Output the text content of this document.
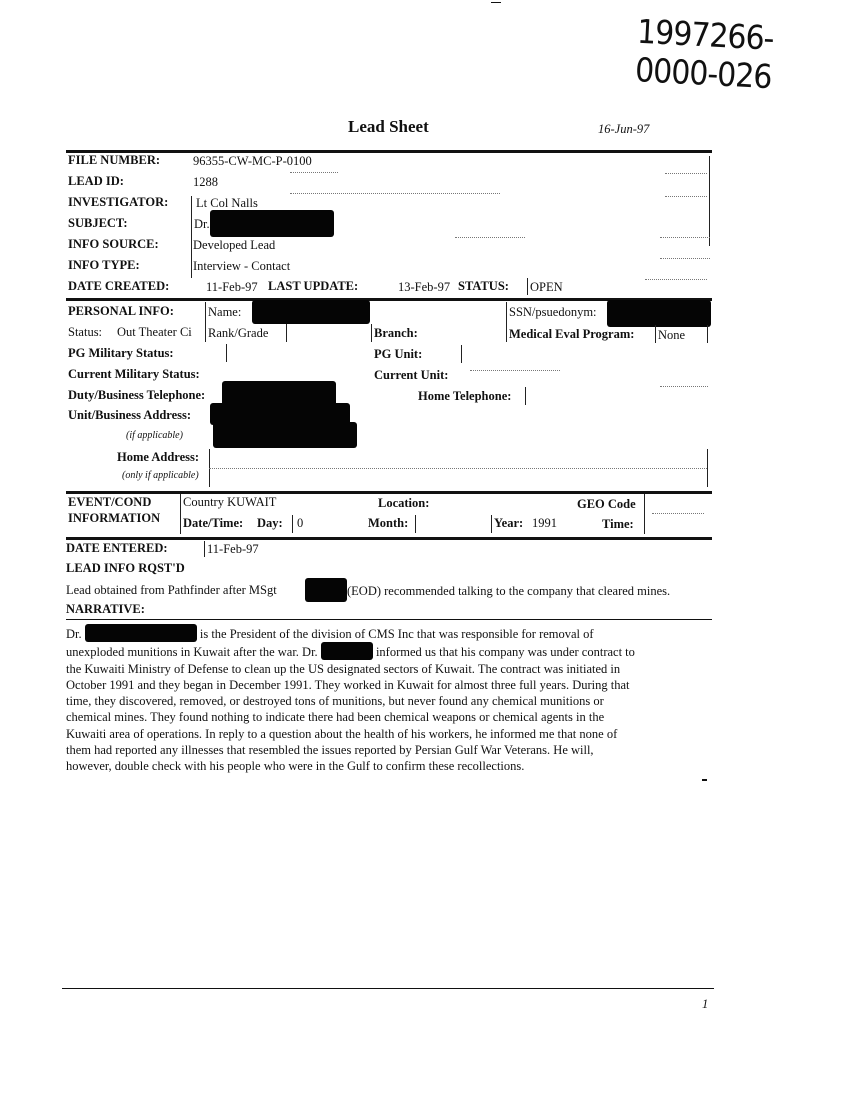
1997266-0000-026
Lead Sheet	16-Jun-97
FILE NUMBER:	96355-CW-MC-P-0100
LEAD ID:	1288
INVESTIGATOR: Lt Col Nalls
SUBJECT:	Dr.
INFO SOURCE:	Developed Lead
INFO TYPE:	Interview - Contact
DATE CREATED:	11-Feb-97 LAST UPDATE:	13-Feb-97 STATUS: OPEN
PERSONAL INFO:	Name:	SSN/psuedonym:
Status: Out Theater Ci Rank/Grade	Branch:	Medical Eval Program: None
PG Military Status:	PG Unit:
Current Military Status:	Current Unit:
Duty/Business Telephone:	Home Telephone:
Unit/Business Address:
(if applicable)
Home Address:
(only if applicable)
EVENT/COND
INFORMATION
Country KUWAIT	Location:	GEO Code
Date/Time: Day: 0	Month:	Year: 1991	Time:
DATE ENTERED:	11-Feb-97
LEAD INFO RQST'D
Lead obtained from Pathfinder after MSgt	(EOD) recommended talking to the company that cleared mines.
NARRATIVE:
Dr.	is the President of the division of CMS Inc that was responsible for removal of
unexploded munitions in Kuwait after the war. Dr.	informed us that his company was under contract to
the Kuwaiti Ministry of Defense to clean up the US designated sectors of Kuwait. The contract was initiated in
October 1991 and they began in December 1991. They worked in Kuwait for almost three full years. During that
time, they discovered, removed, or destroyed tons of munitions, but never found any chemical munitions or
chemical mines. They found nothing to indicate there had been chemical weapons or chemical agents in the
Kuwaiti area of operations. In reply to a question about the health of his workers, he informed me that none of
them had reported any illnesses that resembled the issues reported by Persian Gulf War Veterans. He will,
however, double check with his people who were in the Gulf to confirm these recollections.
1
